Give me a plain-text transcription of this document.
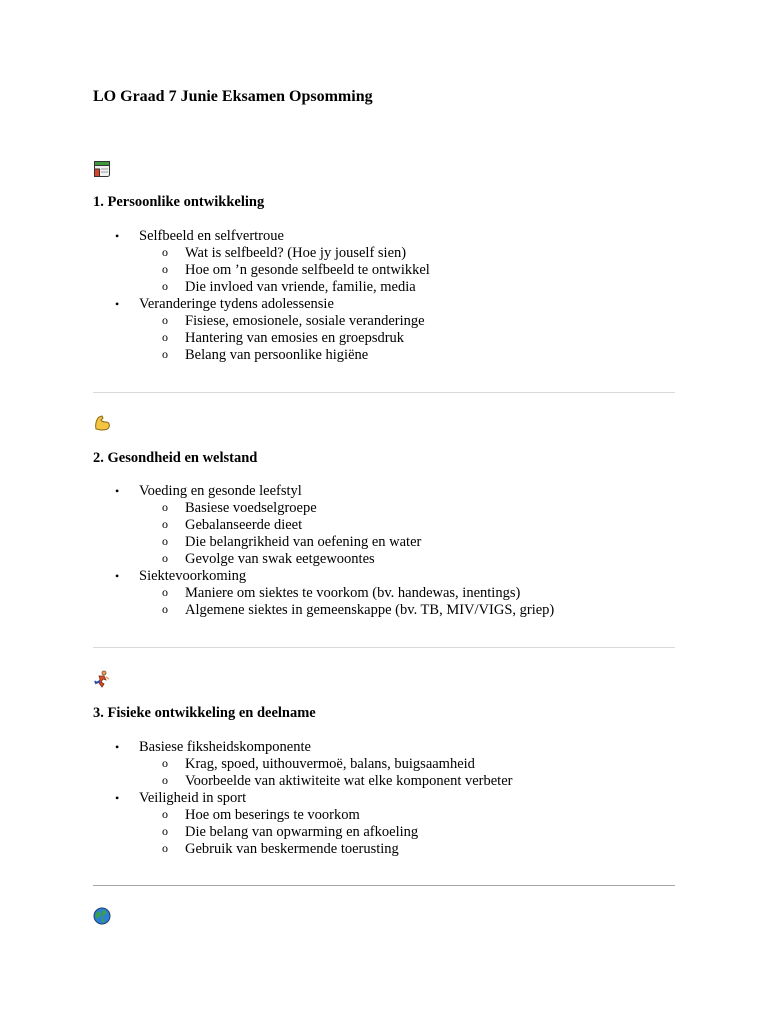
LO Graad 7 Junie Eksamen Opsomming
1. Persoonlike ontwikkeling
• Selfbeeld en selfvertroue
o Wat is selfbeeld? (Hoe jy jouself sien)
o Hoe om ’n gesonde selfbeeld te ontwikkel
o Die invloed van vriende, familie, media
• Veranderinge tydens adolessensie
o Fisiese, emosionele, sosiale veranderinge
o Hantering van emosies en groepsdruk
o Belang van persoonlike higiëne
2. Gesondheid en welstand
• Voeding en gesonde leefstyl
o Basiese voedselgroepe
o Gebalanseerde dieet
o Die belangrikheid van oefening en water
o Gevolge van swak eetgewoontes
• Siektevoorkoming
o Maniere om siektes te voorkom (bv. handewas, inentings)
o Algemene siektes in gemeenskappe (bv. TB, MIV/VIGS, griep)
3. Fisieke ontwikkeling en deelname
• Basiese fiksheidskomponente
o Krag, spoed, uithouvermoë, balans, buigsaamheid
o Voorbeelde van aktiwiteite wat elke komponent verbeter
• Veiligheid in sport
o Hoe om beserings te voorkom
o Die belang van opwarming en afkoeling
o Gebruik van beskermende toerusting
